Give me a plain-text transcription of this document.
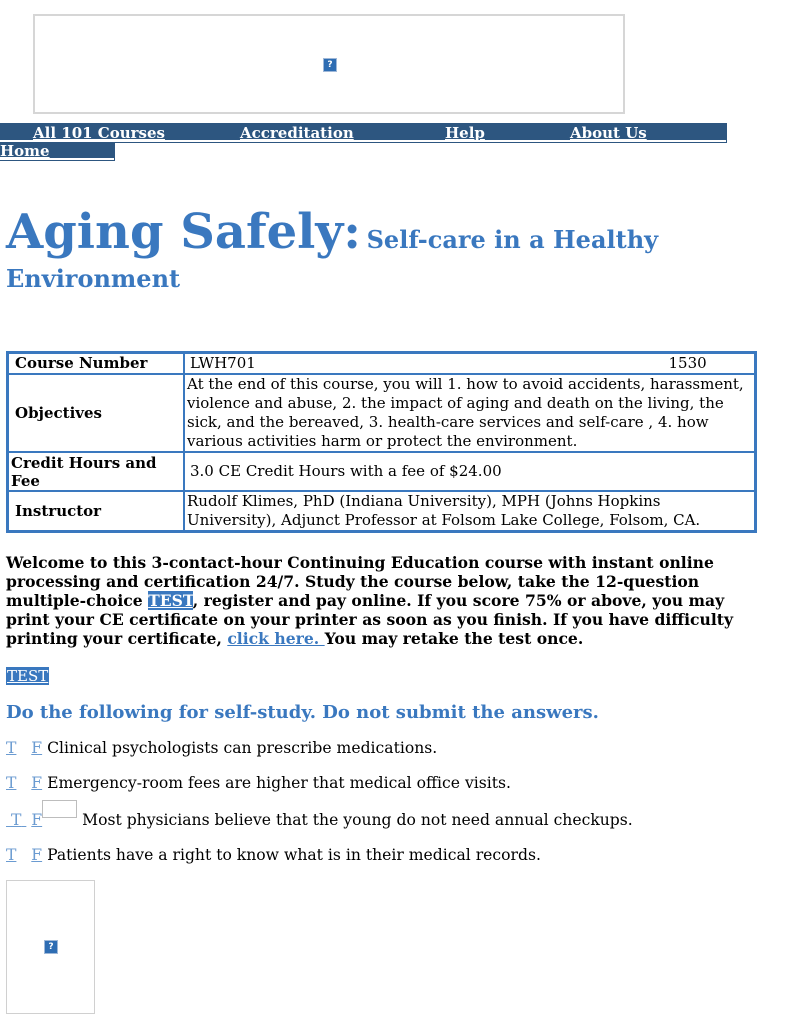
?
All 101 Courses	Accreditation	Help	About Us
Home
Aging Safely: Self-care in a Healthy Environment
Course Number	LWH701 1530

Objectives	At the end of this course, you will 1. how to avoid accidents, harassment, violence and abuse, 2. the impact of aging and death on the living, the sick, and the bereaved, 3. health-care services and self-care , 4. how various activities harm or protect the environment.
Credit Hours and Fee	3.0 CE Credit Hours with a fee of $24.00
Instructor	Rudolf Klimes, PhD (Indiana University), MPH (Johns Hopkins University), Adjunct Professor at Folsom Lake College, Folsom, CA.
Welcome to this 3-contact-hour Continuing Education course with instant online processing and certification 24/7. Study the course below, take the 12-question multiple-choice TEST, register and pay online. If you score 75% or above, you may print your CE certificate on your printer as soon as you finish. If you have difficulty printing your certificate, click here. You may retake the test once.
TEST
Do the following for self-study. Do not submit the answers.
T F Clinical psychologists can prescribe medications.
T F Emergency-room fees are higher that medical office visits.
T F	Most physicians believe that the young do not need annual checkups.
T F Patients have a right to know what is in their medical records.
?
